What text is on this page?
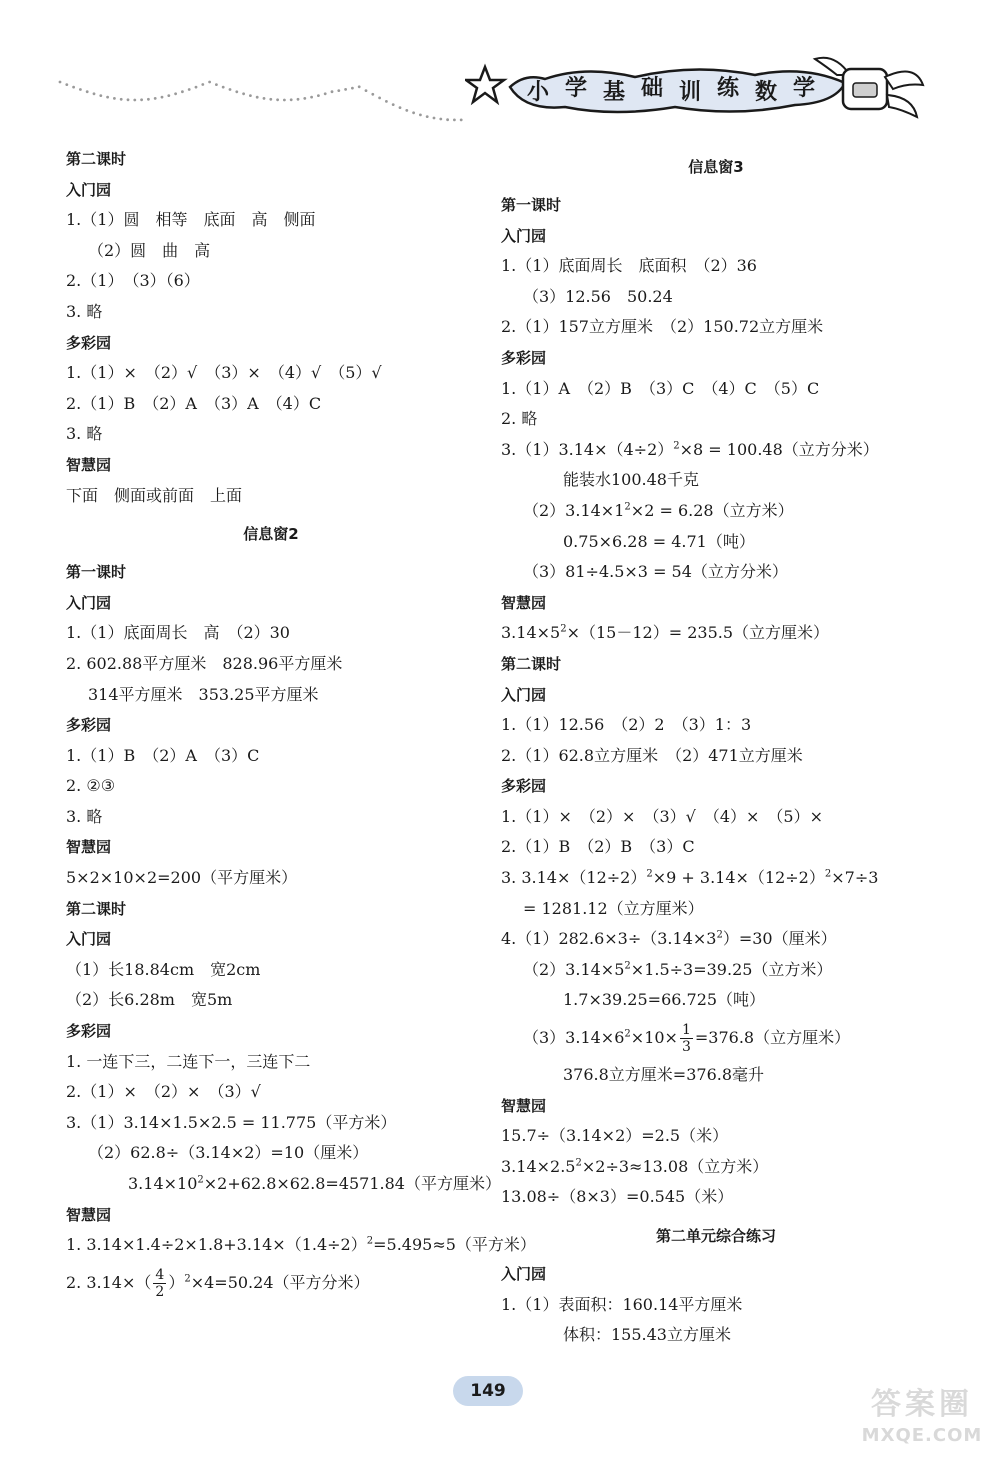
小 学 基 础 训 练 数 学
第二课时
入门园
1.（1）圆　相等　底面　高　侧面
（2）圆　曲　高
2.（1）　（3）（6）
3. 略
多彩园
1.（1）×　（2）√　（3）×　（4）√　（5）√
2.（1）B　（2）A　（3）A　（4）C
3. 略
智慧园
下面　侧面或前面　上面
信息窗2
第一课时
入门园
1.（1）底面周长　高　（2）30
2. 602.88平方厘米　828.96平方厘米
314平方厘米　353.25平方厘米
多彩园
1.（1）B　（2）A　（3）C
2. ②③
3. 略
智慧园
5×2×10×2=200（平方厘米）
第二课时
入门园
（1）长18.84cm　宽2cm
（2）长6.28m　宽5m
多彩园
1. 一连下三，二连下一，三连下二
2.（1）×　（2）×　（3）√
3.（1）3.14×1.5×2.5 = 11.775（平方米）
（2）62.8÷（3.14×2）=10（厘米）
$3.14\times 10^2\times 2+62.8\times 62.8=4571.84$（平方厘米）
智慧园
1. $3.14\times 1.4\div 2\times 1.8+3.14\times(1.4\div 2)^2=5.495\approx 5$（平方米）
2. $3.14\times( \frac{4}{2} )^2\times 4=50.24$（平方分米）
信息窗3
第一课时
入门园
1.（1）底面周长　底面积　（2）36
（3）12.56　50.24
2.（1）157立方厘米　（2）150.72立方厘米
多彩园
1.（1）A　（2）B　（3）C　（4）C　（5）C
2. 略
$3.(1)3.14\times(4\div 2)^2\times 8 = 100.48$（立方分米）
能装水100.48千克
$(2)3.14\times 1^2\times 2 = 6.28$（立方米）
0.75×6.28 = 4.71（吨）
（3）81÷4.5×3 = 54（立方分米）
智慧园
$3.14\times 5^2\times(15-12)= 235.5$（立方厘米）
第二课时
入门园
1.（1）12.56　（2）2　（3）1：3
2.（1）62.8立方厘米　（2）471立方厘米
多彩园
1.（1）×　（2）×　（3）√　（4）×　（5）×
2.（1）B　（2）B　（3）C
3. $3.14\times(12\div 2)^2\times 9 + 3.14\times(12\div 2)^2\times 7\div 3$
= 1281.12（立方厘米）
$4.(1)282.6\times 3\div(3.14\times 3^2)=30$（厘米）
$(2)3.14\times 5^2\times 1.5\div 3=39.25$（立方米）
1.7×39.25=66.725（吨）
$(3)3.14\times 6^2\times 10\times \frac{1}{3} =376.8$（立方厘米）
376.8立方厘米=376.8毫升
智慧园
15.7÷（3.14×2）=2.5（米）
$3.14\times 2.5^2\times 2\div 3\approx 13.08$（立方米）
13.08÷（8×3）=0.545（米）
第二单元综合练习
入门园
1.（1）表面积：160.14平方厘米
体积：155.43立方厘米
149	答案圈
MXQE.COM
